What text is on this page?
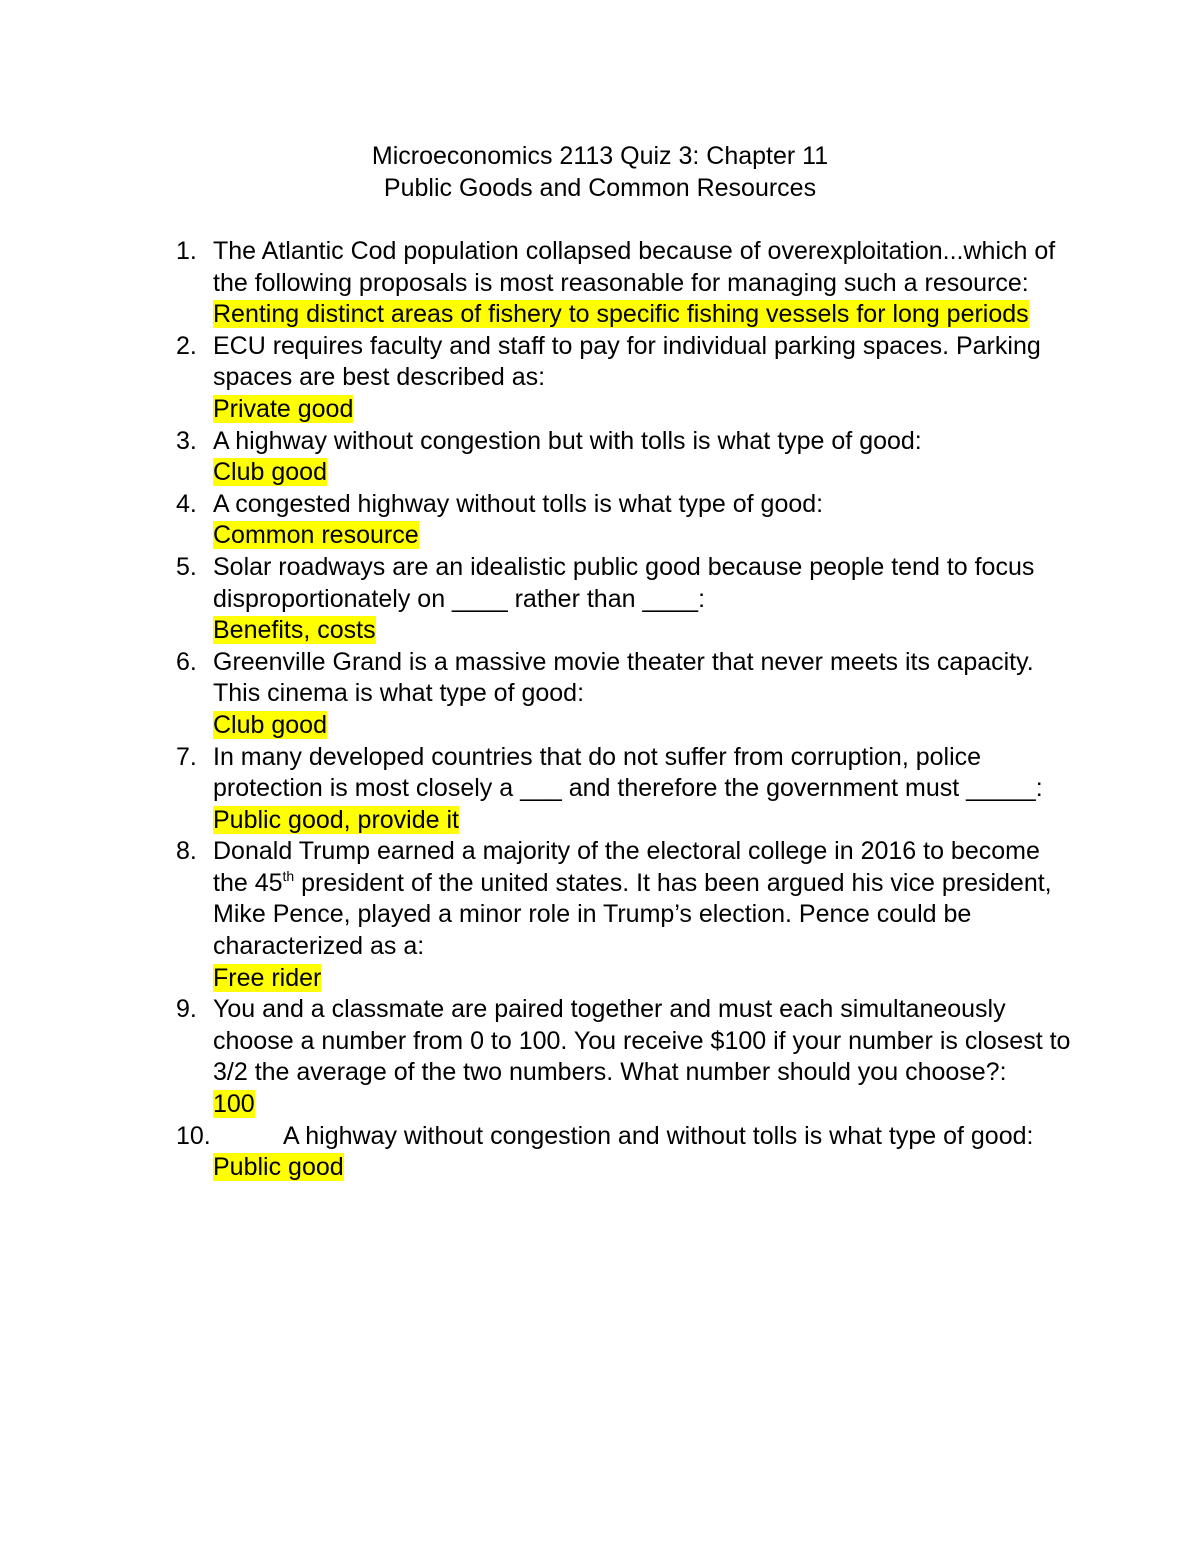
Microeconomics 2113 Quiz 3: Chapter 11
Public Goods and Common Resources
1. The Atlantic Cod population collapsed because of overexploitation...which of the following proposals is most reasonable for managing such a resource:
Renting distinct areas of fishery to specific fishing vessels for long periods
2. ECU requires faculty and staff to pay for individual parking spaces. Parking spaces are best described as:
Private good
3. A highway without congestion but with tolls is what type of good:
Club good
4. A congested highway without tolls is what type of good:
Common resource
5. Solar roadways are an idealistic public good because people tend to focus disproportionately on ____ rather than ____:
Benefits, costs
6. Greenville Grand is a massive movie theater that never meets its capacity. This cinema is what type of good:
Club good
7. In many developed countries that do not suffer from corruption, police protection is most closely a ___ and therefore the government must _____:
Public good, provide it
8. Donald Trump earned a majority of the electoral college in 2016 to become the 45th president of the united states. It has been argued his vice president, Mike Pence, played a minor role in Trump’s election. Pence could be characterized as a:
Free rider
9. You and a classmate are paired together and must each simultaneously choose a number from 0 to 100. You receive $100 if your number is closest to 3/2 the average of the two numbers. What number should you choose?:
100
10.	A highway without congestion and without tolls is what type of good:
Public good
